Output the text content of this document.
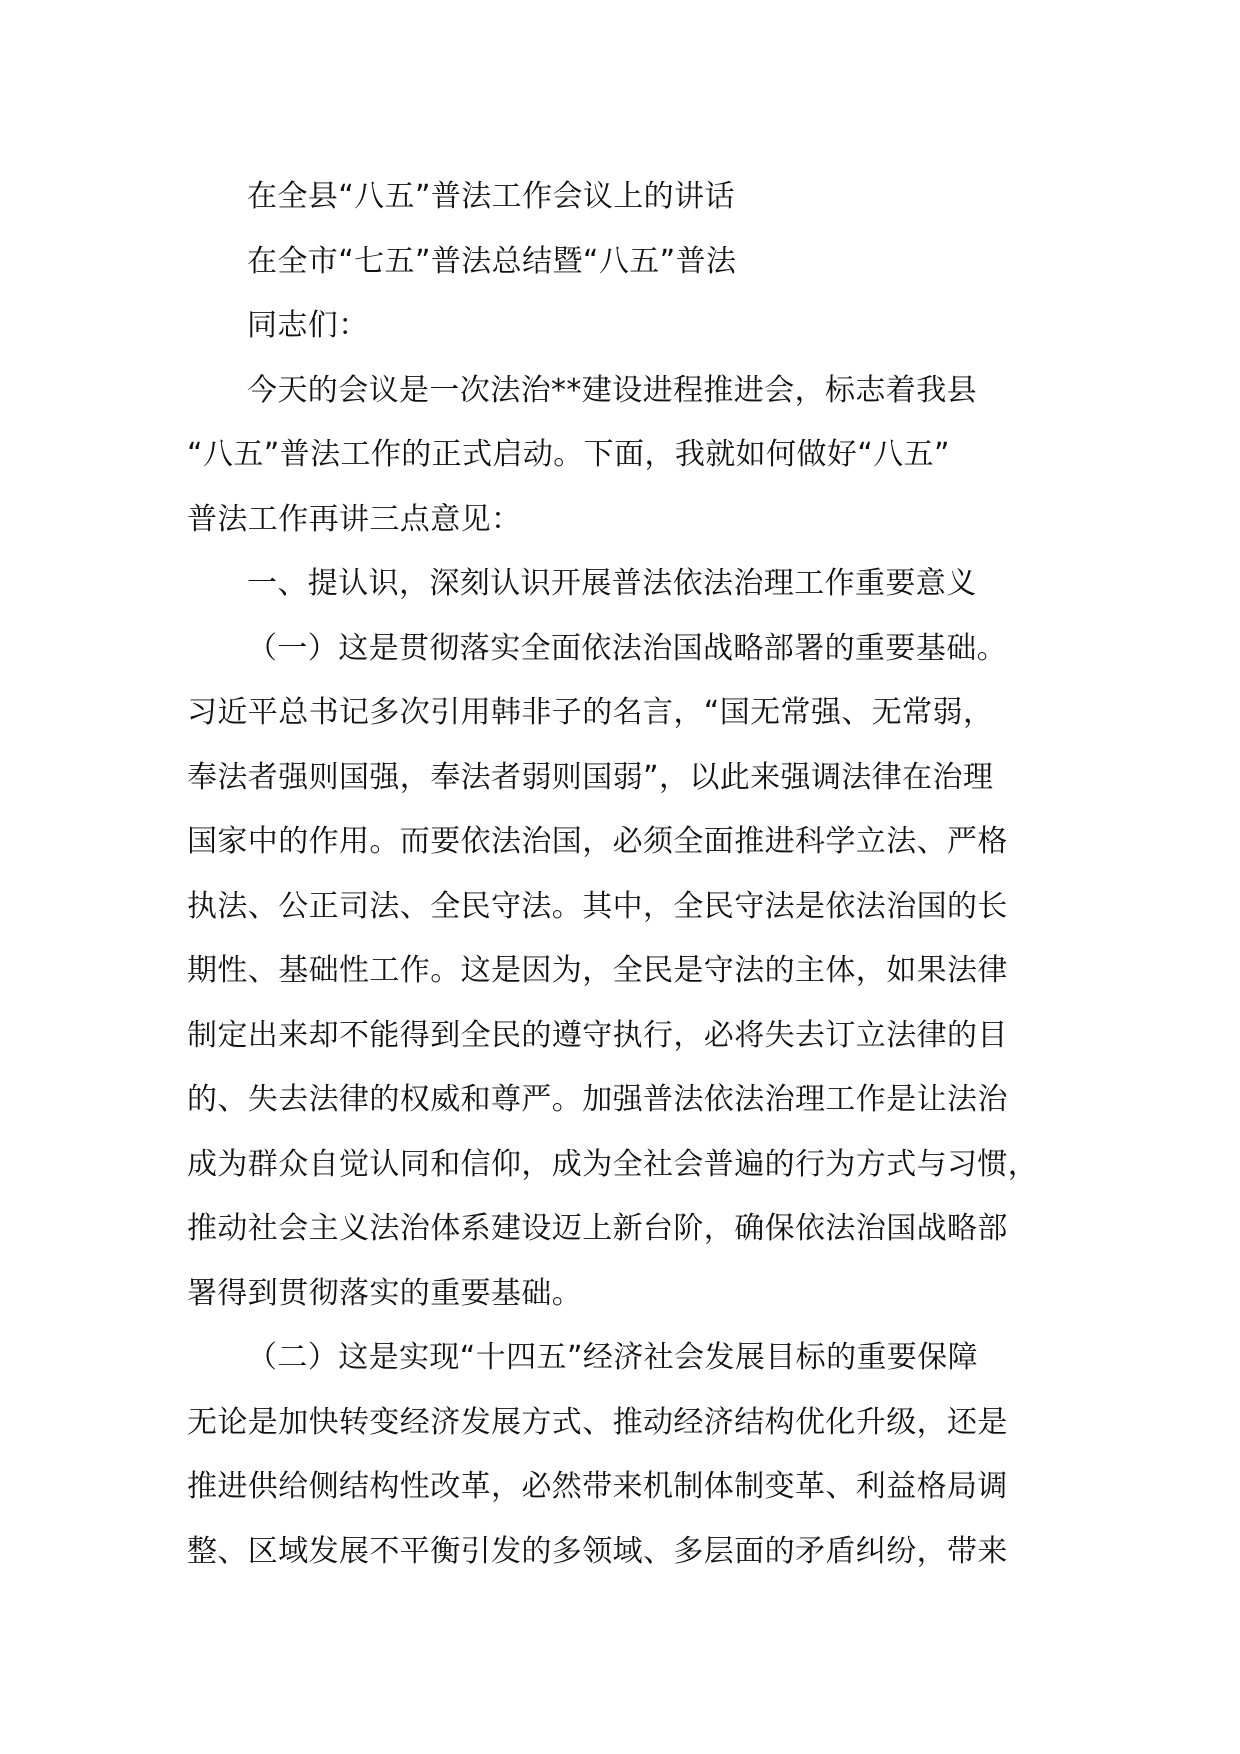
在全县“八五”普法工作会议上的讲话
在全市“七五”普法总结暨“八五”普法
同志们：
今天的会议是一次法治**建设进程推进会，标志着我县
“八五”普法工作的正式启动。下面，我就如何做好“八五”
普法工作再讲三点意见：
一、提认识，深刻认识开展普法依法治理工作重要意义
（一）这是贯彻落实全面依法治国战略部署的重要基础。
习近平总书记多次引用韩非子的名言，“国无常强、无常弱，
奉法者强则国强，奉法者弱则国弱”，以此来强调法律在治理
国家中的作用。而要依法治国，必须全面推进科学立法、严格
执法、公正司法、全民守法。其中，全民守法是依法治国的长
期性、基础性工作。这是因为，全民是守法的主体，如果法律
制定出来却不能得到全民的遵守执行，必将失去订立法律的目
的、失去法律的权威和尊严。加强普法依法治理工作是让法治
成为群众自觉认同和信仰，成为全社会普遍的行为方式与习惯，
推动社会主义法治体系建设迈上新台阶，确保依法治国战略部
署得到贯彻落实的重要基础。
（二）这是实现“十四五”经济社会发展目标的重要保障
无论是加快转变经济发展方式、推动经济结构优化升级，还是
推进供给侧结构性改革，必然带来机制体制变革、利益格局调
整、区域发展不平衡引发的多领域、多层面的矛盾纠纷，带来
